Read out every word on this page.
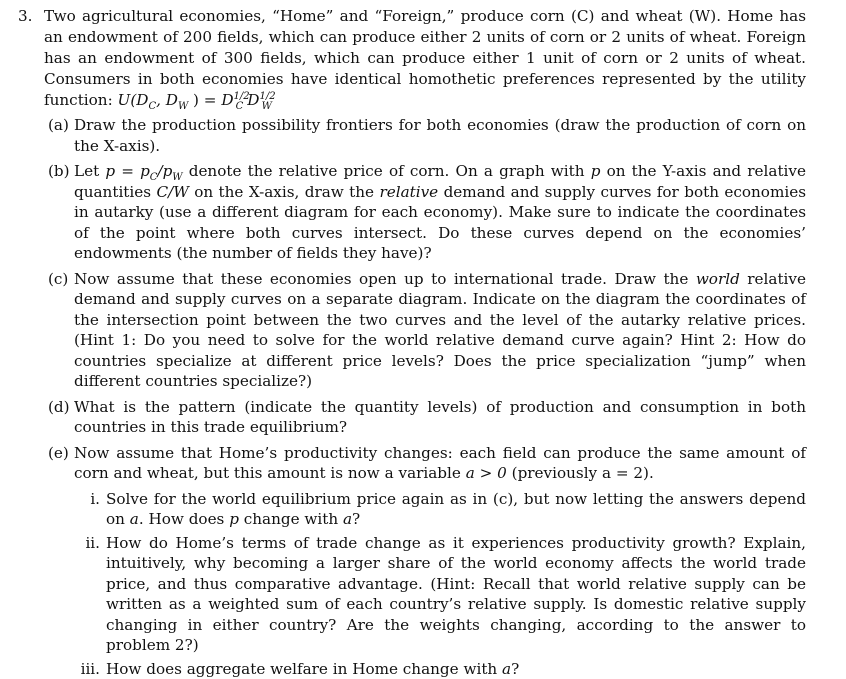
3. Two agricultural economies, “Home” and “Foreign,” produce corn (C) and wheat (W). Home has an endowment of 200 fields, which can produce either 2 units of corn or 2 units of wheat. Foreign has an endowment of 300 fields, which can produce either 1 unit of corn or 2 units of wheat. Consumers in both economies have identical homothetic preferences represented by the utility function: $U(D_C$, $D_W$ ) = $D^{1/2}_C$ $D^{1/2}_W$
(a) Draw the production possibility frontiers for both economies (draw the production of corn on the X-axis).
(b) Let $p = p_C/p_W$ denote the relative price of corn. On a graph with p on the Y-axis and relative quantities C/W on the X-axis, draw the relative demand and supply curves for both economies in autarky (use a different diagram for each economy). Make sure to indicate the coordinates of the point where both curves intersect. Do these curves depend on the economies’ endowments (the number of fields they have)?
(c) Now assume that these economies open up to international trade. Draw the world relative demand and supply curves on a separate diagram. Indicate on the diagram the coordinates of the intersection point between the two curves and the level of the autarky relative prices. (Hint 1: Do you need to solve for the world relative demand curve again? Hint 2: How do countries specialize at different price levels? Does the price specialization “jump” when different countries specialize?)
(d) What is the pattern (indicate the quantity levels) of production and consumption in both countries in this trade equilibrium?
(e) Now assume that Home’s productivity changes: each field can produce the same amount of corn and wheat, but this amount is now a variable a > 0 (previously a = 2).
i. Solve for the world equilibrium price again as in (c), but now letting the answers depend on a. How does p change with a?
ii. How do Home’s terms of trade change as it experiences productivity growth? Explain, intuitively, why becoming a larger share of the world economy affects the world trade price, and thus comparative advantage. (Hint: Recall that world relative supply can be written as a weighted sum of each country’s relative supply. Is domestic relative supply changing in either country? Are the weights changing, according to the answer to problem 2?)
iii. How does aggregate welfare in Home change with a?
